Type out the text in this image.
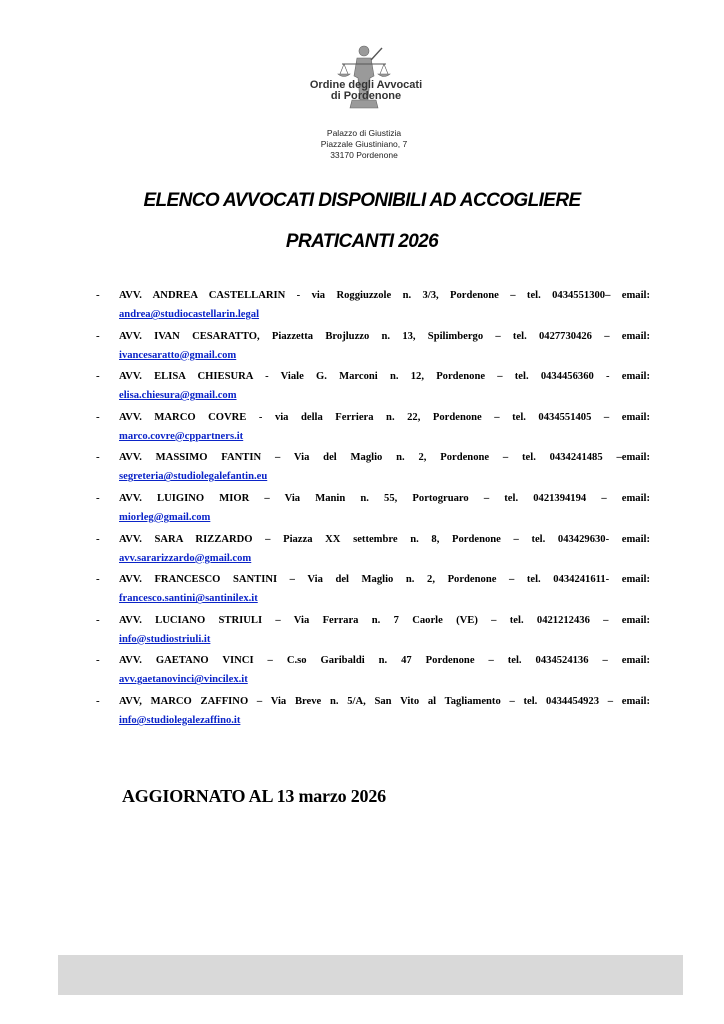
Ordine degli Avvocati
di Pordenone
Palazzo di Giustizia
Piazzale Giustiniano, 7
33170 Pordenone
ELENCO AVVOCATI DISPONIBILI AD ACCOGLIERE
PRATICANTI 2026
- AVV. ANDREA CASTELLARIN - via Roggiuzzole n. 3/3, Pordenone – tel. 0434551300– email:
andrea@studiocastellarin.legal
- AVV. IVAN CESARATTO, Piazzetta Brojluzzo n. 13, Spilimbergo – tel. 0427730426 – email:
ivancesaratto@gmail.com
- AVV. ELISA CHIESURA - Viale G. Marconi n. 12, Pordenone – tel. 0434456360 - email:
elisa.chiesura@gmail.com
- AVV. MARCO COVRE - via della Ferriera n. 22, Pordenone – tel. 0434551405 – email:
marco.covre@cppartners.it
- AVV. MASSIMO FANTIN – Via del Maglio n. 2, Pordenone – tel. 0434241485 –email:
segreteria@studiolegalefantin.eu
- AVV. LUIGINO MIOR – Via Manin n. 55, Portogruaro – tel. 0421394194 – email:
miorleg@gmail.com
- AVV. SARA RIZZARDO – Piazza XX settembre n. 8, Pordenone – tel. 043429630- email:
avv.sararizzardo@gmail.com
- AVV. FRANCESCO SANTINI – Via del Maglio n. 2, Pordenone – tel. 0434241611- email:
francesco.santini@santinilex.it
- AVV. LUCIANO STRIULI – Via Ferrara n. 7 Caorle (VE) – tel. 0421212436 – email:
info@studiostriuli.it
- AVV. GAETANO VINCI – C.so Garibaldi n. 47 Pordenone – tel. 0434524136 – email:
avv.gaetanovinci@vincilex.it
- AVV, MARCO ZAFFINO – Via Breve n. 5/A, San Vito al Tagliamento – tel. 0434454923 – email:
info@studiolegalezaffino.it
AGGIORNATO AL 13 marzo 2026
